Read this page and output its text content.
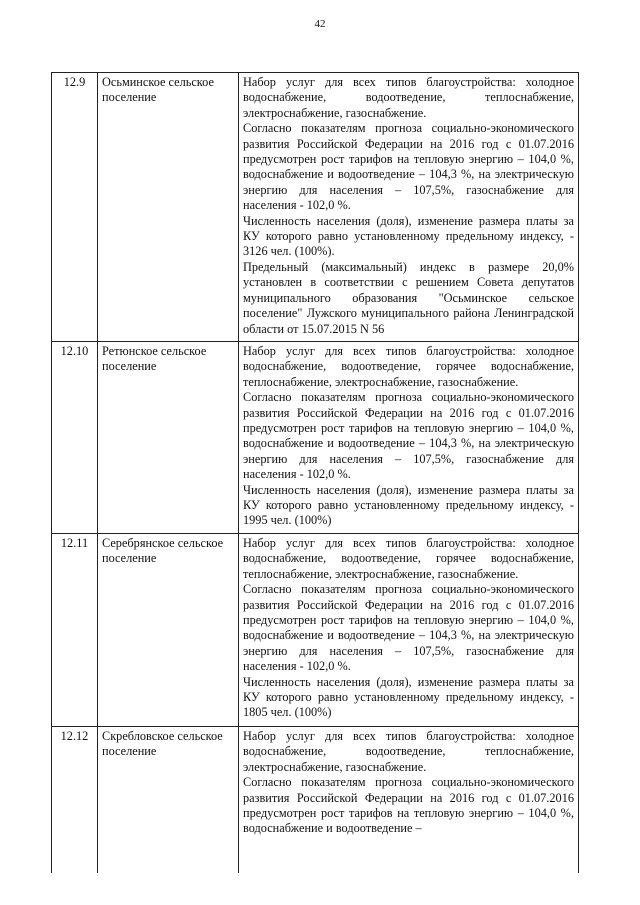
42
12.9	Осьминское сельское поселение	Набор услуг для всех типов благоустройства: холодное водоснабжение, водоотведение, теплоснабжение, электроснабжение, газоснабжение.

Согласно показателям прогноза социально-экономического развития Российской Федерации на 2016 год с 01.07.2016 предусмотрен рост тарифов на тепловую энергию – 104,0 %, водоснабжение и водоотведение – 104,3 %, на электрическую энергию для населения – 107,5%, газоснабжение для населения - 102,0 %.

Численность населения (доля), изменение размера платы за КУ которого равно установленному предельному индексу, - 3126 чел. (100%).

Предельный (максимальный) индекс в размере 20,0% установлен в соответствии с решением Совета депутатов муниципального образования "Осьминское сельское поселение" Лужского муниципального района Ленинградской области от 15.07.2015 N 56

12.10	Ретюнское сельское поселение	Набор услуг для всех типов благоустройства: холодное водоснабжение, водоотведение, горячее водоснабжение, теплоснабжение, электроснабжение, газоснабжение.

Согласно показателям прогноза социально-экономического развития Российской Федерации на 2016 год с 01.07.2016 предусмотрен рост тарифов на тепловую энергию – 104,0 %, водоснабжение и водоотведение – 104,3 %, на электрическую энергию для населения – 107,5%, газоснабжение для населения - 102,0 %.

Численность населения (доля), изменение размера платы за КУ которого равно установленному предельному индексу, - 1995 чел. (100%)

12.11	Серебрянское сельское поселение	Набор услуг для всех типов благоустройства: холодное водоснабжение, водоотведение, горячее водоснабжение, теплоснабжение, электроснабжение, газоснабжение.

Согласно показателям прогноза социально-экономического развития Российской Федерации на 2016 год с 01.07.2016 предусмотрен рост тарифов на тепловую энергию – 104,0 %, водоснабжение и водоотведение – 104,3 %, на электрическую энергию для населения – 107,5%, газоснабжение для населения - 102,0 %.

Численность населения (доля), изменение размера платы за КУ которого равно установленному предельному индексу, - 1805 чел. (100%)

12.12	Скребловское сельское поселение	Набор услуг для всех типов благоустройства: холодное водоснабжение, водоотведение, теплоснабжение, электроснабжение, газоснабжение.

Согласно показателям прогноза социально-экономического развития Российской Федерации на 2016 год с 01.07.2016 предусмотрен рост тарифов на тепловую энергию – 104,0 %, водоснабжение и водоотведение –
